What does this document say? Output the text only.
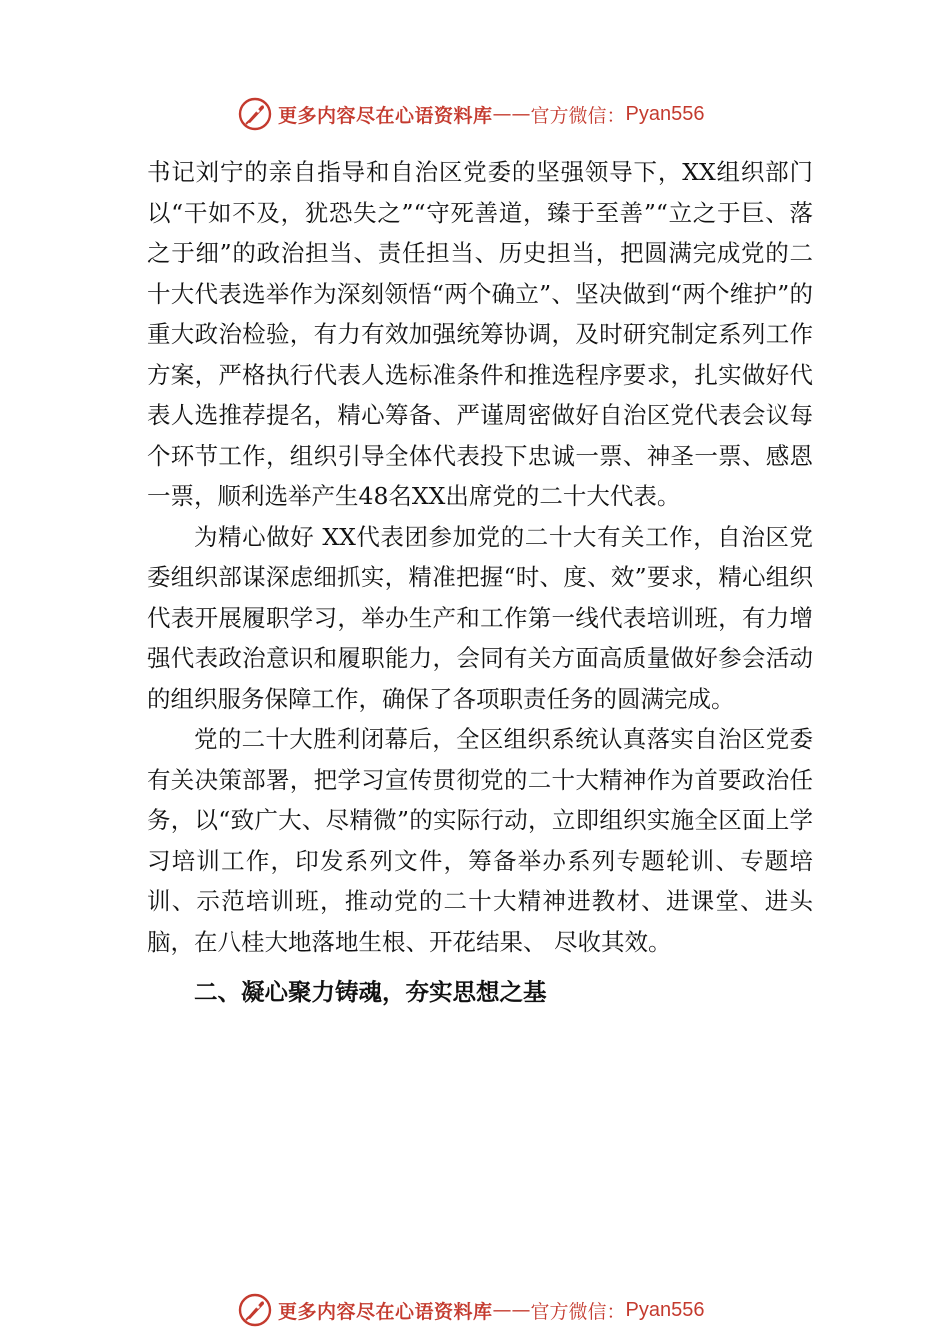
更多内容尽在心语资料库 —— 官方微信： Pyan556

书记刘宁的亲自指导和自治区党委的坚强领导下，XX组织部门以“干如不及，犹恐失之”“守死善道，臻于至善”“立之于巨、落之于细”的政治担当、责任担当、历史担当，把圆满完成党的二十大代表选举作为深刻领悟“两个确立”、坚决做到“两个维护”的重大政治检验，有力有效加强统筹协调，及时研究制定系列工作方案，严格执行代表人选标准条件和推选程序要求，扎实做好代表人选推荐提名，精心筹备、严谨周密做好自治区党代表会议每个环节工作，组织引导全体代表投下忠诚一票、神圣一票、感恩一票，顺利选举产生48名XX出席党的二十大代表。

为精心做好 XX代表团参加党的二十大有关工作，自治区党委组织部谋深虑细抓实，精准把握“时、度、效”要求，精心组织代表开展履职学习，举办生产和工作第一线代表培训班，有力增强代表政治意识和履职能力，会同有关方面高质量做好参会活动的组织服务保障工作，确保了各项职责任务的圆满完成。

党的二十大胜利闭幕后，全区组织系统认真落实自治区党委有关决策部署，把学习宣传贯彻党的二十大精神作为首要政治任务，以“致广大、尽精微”的实际行动，立即组织实施全区面上学习培训工作，印发系列文件，筹备举办系列专题轮训、专题培训、示范培训班，推动党的二十大精神进教材、进课堂、进头脑，在八桂大地落地生根、开花结果、 尽收其效。

二、凝心聚力铸魂，夯实思想之基

更多内容尽在心语资料库 —— 官方微信： Pyan556
